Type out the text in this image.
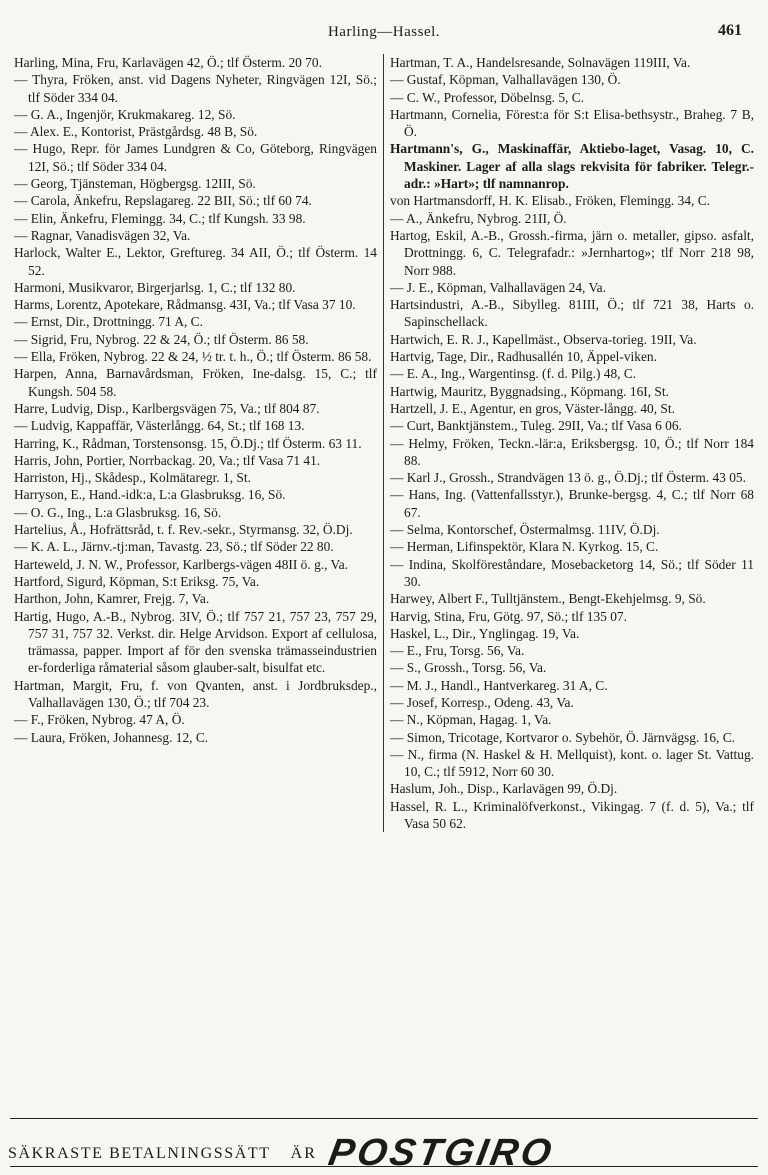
Harling—Hassel.	461

Harling, Mina, Fru, Karlavägen 42, Ö.; tlf Österm. 20 70.

— Thyra, Fröken, anst. vid Dagens Nyheter, Ringvägen 12I, Sö.; tlf Söder 334 04.

— G. A., Ingenjör, Krukmakareg. 12, Sö.

— Alex. E., Kontorist, Prästgårdsg. 48 B, Sö.

— Hugo, Repr. för James Lundgren & Co, Göteborg, Ringvägen 12I, Sö.; tlf Söder 334 04.

— Georg, Tjänsteman, Högbergsg. 12III, Sö.

— Carola, Änkefru, Repslagareg. 22 BII, Sö.; tlf 60 74.

— Elin, Änkefru, Flemingg. 34, C.; tlf Kungsh. 33 98.

— Ragnar, Vanadisvägen 32, Va.

Harlock, Walter E., Lektor, Greftureg. 34 AII, Ö.; tlf Österm. 14 52.

Harmoni, Musikvaror, Birgerjarlsg. 1, C.; tlf 132 80.

Harms, Lorentz, Apotekare, Rådmansg. 43I, Va.; tlf Vasa 37 10.

— Ernst, Dir., Drottningg. 71 A, C.

— Sigrid, Fru, Nybrog. 22 & 24, Ö.; tlf Österm. 86 58.

— Ella, Fröken, Nybrog. 22 & 24, ½ tr. t. h., Ö.; tlf Österm. 86 58.

Harpen, Anna, Barnavårdsman, Fröken, Ine-dalsg. 15, C.; tlf Kungsh. 504 58.

Harre, Ludvig, Disp., Karlbergsvägen 75, Va.; tlf 804 87.

— Ludvig, Kappaffär, Västerlångg. 64, St.; tlf 168 13.

Harring, K., Rådman, Torstensonsg. 15, Ö.Dj.; tlf Österm. 63 11.

Harris, John, Portier, Norrbackag. 20, Va.; tlf Vasa 71 41.

Harriston, Hj., Skådesp., Kolmätaregr. 1, St.

Harryson, E., Hand.-idk:a, L:a Glasbruksg. 16, Sö.

— O. G., Ing., L:a Glasbruksg. 16, Sö.

Hartelius, Å., Hofrättsråd, t. f. Rev.-sekr., Styrmansg. 32, Ö.Dj.

— K. A. L., Järnv.-tj:man, Tavastg. 23, Sö.; tlf Söder 22 80.

Harteweld, J. N. W., Professor, Karlbergs-vägen 48II ö. g., Va.

Hartford, Sigurd, Köpman, S:t Eriksg. 75, Va.

Harthon, John, Kamrer, Frejg. 7, Va.

Hartig, Hugo, A.-B., Nybrog. 3IV, Ö.; tlf 757 21, 757 23, 757 29, 757 31, 757 32. Verkst. dir. Helge Arvidson. Export af cellulosa, trämassa, papper. Import af för den svenska trämasseindustrien er-forderliga råmaterial såsom glauber-salt, bisulfat etc.

Hartman, Margit, Fru, f. von Qvanten, anst. i Jordbruksdep., Valhallavägen 130, Ö.; tlf 704 23.

— F., Fröken, Nybrog. 47 A, Ö.

— Laura, Fröken, Johannesg. 12, C.

Hartman, T. A., Handelsresande, Solnavägen 119III, Va.

— Gustaf, Köpman, Valhallavägen 130, Ö.

— C. W., Professor, Döbelnsg. 5, C.

Hartmann, Cornelia, Förest:a för S:t Elisa-bethsystr., Braheg. 7 B, Ö.

Hartmann's, G., Maskinaffär, Aktiebo-laget, Vasag. 10, C. Maskiner. Lager af alla slags rekvisita för fabriker. Telegr.-adr.: »Hart»; tlf namnanrop.

von Hartmansdorff, H. K. Elisab., Fröken, Flemingg. 34, C.

— A., Änkefru, Nybrog. 21II, Ö.

Hartog, Eskil, A.-B., Grossh.-firma, järn o. metaller, gipso. asfalt, Drottningg. 6, C. Telegrafadr.: »Jernhartog»; tlf Norr 218 98, Norr 988.

— J. E., Köpman, Valhallavägen 24, Va.

Hartsindustri, A.-B., Sibylleg. 81III, Ö.; tlf 721 38, Harts o. Sapinschellack.

Hartwich, E. R. J., Kapellmäst., Observa-torieg. 19II, Va.

Hartvig, Tage, Dir., Radhusallén 10, Äppel-viken.

— E. A., Ing., Wargentinsg. (f. d. Pilg.) 48, C.

Hartwig, Mauritz, Byggnadsing., Köpmang. 16I, St.

Hartzell, J. E., Agentur, en gros, Väster-långg. 40, St.

— Curt, Banktjänstem., Tuleg. 29II, Va.; tlf Vasa 6 06.

— Helmy, Fröken, Teckn.-lär:a, Eriksbergsg. 10, Ö.; tlf Norr 184 88.

— Karl J., Grossh., Strandvägen 13 ö. g., Ö.Dj.; tlf Österm. 43 05.

— Hans, Ing. (Vattenfallsstyr.), Brunke-bergsg. 4, C.; tlf Norr 68 67.

— Selma, Kontorschef, Östermalmsg. 11IV, Ö.Dj.

— Herman, Lifinspektör, Klara N. Kyrkog. 15, C.

— Indina, Skolföreståndare, Mosebacketorg 14, Sö.; tlf Söder 11 30.

Harwey, Albert F., Tulltjänstem., Bengt-Ekehjelmsg. 9, Sö.

Harvig, Stina, Fru, Götg. 97, Sö.; tlf 135 07.

Haskel, L., Dir., Ynglingag. 19, Va.

— E., Fru, Torsg. 56, Va.

— S., Grossh., Torsg. 56, Va.

— M. J., Handl., Hantverkareg. 31 A, C.

— Josef, Korresp., Odeng. 43, Va.

— N., Köpman, Hagag. 1, Va.

— Simon, Tricotage, Kortvaror o. Sybehör, Ö. Järnvägsg. 16, C.

— N., firma (N. Haskel & H. Mellquist), kont. o. lager St. Vattug. 10, C.; tlf 5912, Norr 60 30.

Haslum, Joh., Disp., Karlavägen 99, Ö.Dj.

Hassel, R. L., Kriminalöfverkonst., Vikingag. 7 (f. d. 5), Va.; tlf Vasa 50 62.

SÄKRASTE BETALNINGSSÄTT ÄR POSTGIRO
